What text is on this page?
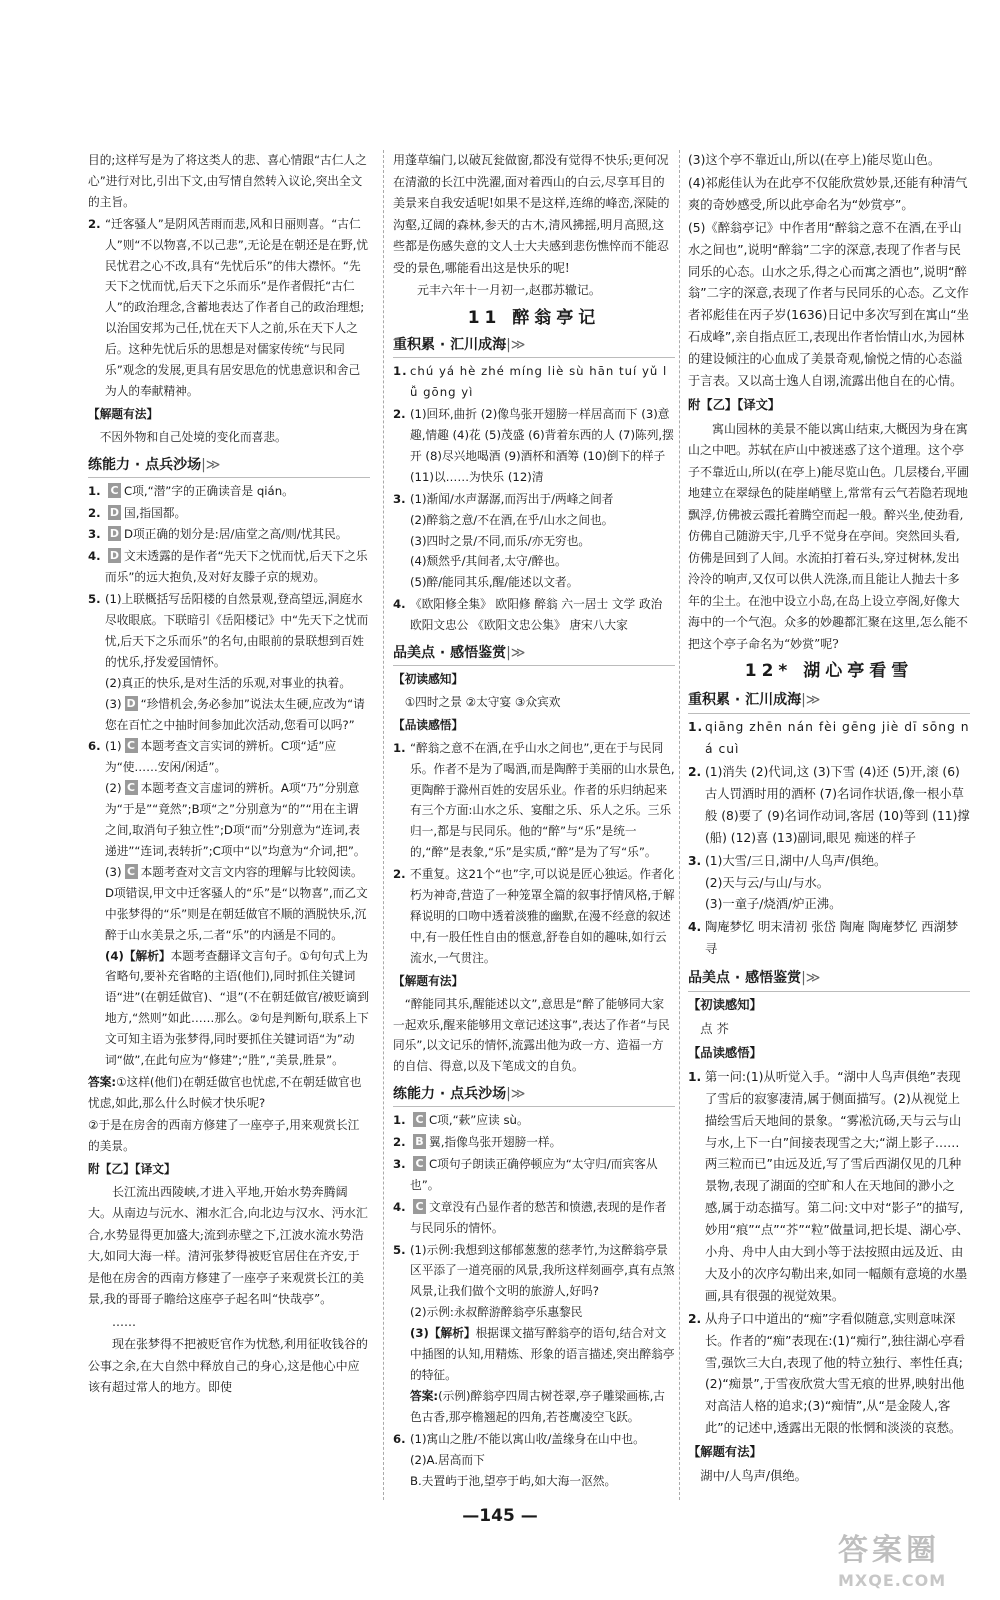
目的;这样写是为了将这类人的悲、喜心情跟“古仁人之心”进行对比,引出下文,由写情自然转入议论,突出全文的主旨。

2. “迁客骚人”是阴风苦雨而悲,风和日丽则喜。“古仁人”则“不以物喜,不以己悲”,无论是在朝还是在野,忧民忧君之心不改,具有“先忧后乐”的伟大襟怀。“先天下之忧而忧,后天下之乐而乐”是作者假托“古仁人”的政治理念,含蓄地表达了作者自己的政治理想;以治国安邦为己任,忧在天下人之前,乐在天下人之后。这种先忧后乐的思想是对儒家传统“与民同乐”观念的发展,更具有居安思危的忧患意识和舍己为人的奉献精神。

【解题有法】

不因外物和自己处境的变化而喜悲。

练能力 · 点兵沙场|≫

1. C C项,“潜”字的正确读音是 qián。

2. D 国,指国都。

3. D D项正确的划分是:居/庙堂之高/则/忧其民。

4. D 文末透露的是作者“先天下之忧而忧,后天下之乐而乐”的远大抱负,及对好友滕子京的规劝。

5. (1)上联概括写岳阳楼的自然景观,登高望远,洞庭水尽收眼底。下联暗引《岳阳楼记》中“先天下之忧而忧,后天下之乐而乐”的名句,由眼前的景联想到百姓的忧乐,抒发爱国情怀。
(2)真正的快乐,是对生活的乐观,对事业的执着。
(3) D “珍惜机会,务必参加”说法太生硬,应改为“请您在百忙之中抽时间参加此次活动,您看可以吗?”

6. (1) C 本题考查文言实词的辨析。C项“适”应为“使……安闲/闲适”。
(2) C 本题考查文言虚词的辨析。A项“乃”分别意为“于是”“竟然”;B项“之”分别意为“的”“用在主谓之间,取消句子独立性”;D项“而”分别意为“连词,表递进”“连词,表转折”;C项中“以”均意为“介词,把”。
(3) C 本题考查对文言文内容的理解与比较阅读。D项错误,甲文中迁客骚人的“乐”是“以物喜”,而乙文中张梦得的“乐”则是在朝廷做官不顺的酒脱快乐,沉醉于山水美景之乐,二者“乐”的内涵是不同的。
(4)【解析】本题考查翻译文言句子。①句句式上为省略句,要补充省略的主语(他们),同时抓住关键词语“进”(在朝廷做官)、“退”(不在朝廷做官/被贬谪到地方,“然则”如此……那么。②句是判断句,联系上下文可知主语为张梦得,同时要抓住关键词语“为”动词“做”,在此句应为“修建”;“胜”,“美景,胜景”。

答案:①这样(他们)在朝廷做官也忧虑,不在朝廷做官也忧虑,如此,那么什么时候才快乐呢?

②于是在房舍的西南方修建了一座亭子,用来观赏长江的美景。

附【乙】【译文】

长江流出西陵峡,才进入平地,开始水势奔腾阔大。从南边与沅水、湘水汇合,向北边与汉水、沔水汇合,水势显得更加盛大;流到赤壁之下,江波水流水势浩大,如同大海一样。清河张梦得被贬官居住在齐安,于是他在房舍的西南方修建了一座亭子来观赏长江的美景,我的哥哥子瞻给这座亭子起名叫“快哉亭”。

……

现在张梦得不把被贬官作为忧愁,利用征收钱谷的公事之余,在大自然中释放自己的身心,这是他心中应该有超过常人的地方。即使

用蓬草编门,以破瓦瓮做窗,都没有觉得不快乐;更何况在清澈的长江中洗濯,面对着西山的白云,尽享耳目的美景来自我安适呢!如果不是这样,连绵的峰峦,深陡的沟壑,辽阔的森林,参天的古木,清风拂摇,明月高照,这些都是伤感失意的文人士大夫感到悲伤憔悴而不能忍受的景色,哪能看出这是快乐的呢!

元丰六年十一月初一,赵郡苏辙记。

11 醉翁亭记
重积累 · 汇川成海|≫

1. chú yá hè zhé míng liè sù hān tuí yǔ lǚ gōng yì

2. (1)回环,曲折 (2)像鸟张开翅膀一样居高而下 (3)意趣,情趣 (4)花 (5)茂盛 (6)背着东西的人 (7)陈列,摆开 (8)尽兴地喝酒 (9)酒杯和酒筹 (10)倒下的样子 (11)以……为快乐 (12)清

3. (1)渐闻/水声潺潺,而泻出于/两峰之间者
(2)醉翁之意/不在酒,在乎/山水之间也。
(3)四时之景/不同,而乐/亦无穷也。
(4)颓然乎/其间者,太守/醉也。
(5)醉/能同其乐,醒/能述以文者。

4. 《欧阳修全集》 欧阳修 醉翁 六一居士 文学 政治 欧阳文忠公 《欧阳文忠公集》 唐宋八大家

品美点 · 感悟鉴赏|≫
【初读感知】

①四时之景 ②太守宴 ③众宾欢

【品读感悟】

1. “醉翁之意不在酒,在乎山水之间也”,更在于与民同乐。作者不是为了喝酒,而是陶醉于美丽的山水景色,更陶醉于滁州百姓的安居乐业。作者的乐归纳起来有三个方面:山水之乐、宴酣之乐、乐人之乐。三乐归一,都是与民同乐。他的“醉”与“乐”是统一的,“醉”是表象,“乐”是实质,“醉”是为了写“乐”。

2. 不重复。这21个“也”字,可以说是匠心独运。作者化朽为神奇,营造了一种笼罩全篇的叙事抒情风格,于解释说明的口吻中透着淡雅的幽默,在漫不经意的叙述中,有一股任性自由的惬意,舒卷自如的趣味,如行云流水,一气贯注。

【解题有法】

“醉能同其乐,醒能述以文”,意思是“醉了能够同大家一起欢乐,醒来能够用文章记述这事”,表达了作者“与民同乐”,以文记乐的情怀,流露出他为政一方、造福一方的自信、得意,以及下笔成文的自负。

练能力 · 点兵沙场|≫

1. C C项,“蔌”应读 sù。

2. B 翼,指像鸟张开翅膀一样。

3. C C项句子朗读正确停顿应为“太守归/而宾客从也”。

4. C 文章没有凸显作者的愁苦和愤懑,表现的是作者与民同乐的情怀。

5. (1)示例:我想到这郁郁葱葱的慈孝竹,为这醉翁亭景区平添了一道亮丽的风景,我所这样刻画亭,真有点煞风景,让我们做个文明的旅游人,好吗?
(2)示例:永叔醉游醉翁亭乐惠黎民
(3)【解析】根据课文描写醉翁亭的语句,结合对文中插图的认知,用精炼、形象的语言描述,突出醉翁亭的特征。
答案:(示例)醉翁亭四周古树苍翠,亭子雕梁画栋,古色古香,那亭檐翘起的四角,若苍鹰凌空飞跃。

6. (1)寓山之胜/不能以寓山收/盖缘身在山中也。
(2)A.居高而下
B.夫置屿于池,望亭于屿,如大海一沤然。

(3)这个亭不靠近山,所以(在亭上)能尽览山色。

(4)祁彪佳认为在此亭不仅能欣赏妙景,还能有种清气爽的奇妙感受,所以此亭命名为“妙赏亭”。

(5)《醉翁亭记》中作者用“醉翁之意不在酒,在乎山水之间也”,说明“醉翁”二字的深意,表现了作者与民同乐的心态。山水之乐,得之心而寓之酒也”,说明“醉翁”二字的深意,表现了作者与民同乐的心态。乙文作者祁彪佳在丙子岁(1636)日记中多次写到在寓山“坐石成峰”,亲自指点匠工,表现出作者怡情山水,为园林的建设倾注的心血成了美景奇观,愉悦之情的心态溢于言表。又以高士逸人自诩,流露出他自在的心情。

附【乙】【译文】

寓山园林的美景不能以寓山结束,大概因为身在寓山之中吧。苏轼在庐山中被迷惑了这个道理。这个亭子不靠近山,所以(在亭上)能尽览山色。几层楼台,平圃地建立在翠绿色的陡崖峭壁上,常常有云气若隐若现地飘浮,仿佛被云霞托着腾空而起一般。醉兴坐,使劲看,仿佛自己随游天宇,几乎不觉身在亭间。突然回头看,仿佛是回到了人间。水流拍打着石头,穿过树林,发出泠泠的响声,又仅可以供人洗涤,而且能让人抛去十多年的尘土。在池中设立小岛,在岛上设立亭阁,好像大海中的一个气泡。众多的妙趣都汇聚在这里,怎么能不把这个亭子命名为“妙赏”呢?

12* 湖心亭看雪
重积累 · 汇川成海|≫

1. qiāng zhēn nán fèi gēng jiè dī sōng ná cuì

2. (1)消失 (2)代词,这 (3)下雪 (4)还 (5)开,滚 (6)古人罚酒时用的酒杯 (7)名词作状语,像一根小草般 (8)要了 (9)名词作动词,客居 (10)等到 (11)撑(船) (12)喜 (13)副词,眼见 痴迷的样子

3. (1)大雪/三日,湖中/人鸟声/俱绝。
(2)天与云/与山/与水。
(3)一童子/烧酒/炉正沸。

4. 陶庵梦忆 明末清初 张岱 陶庵 陶庵梦忆 西湖梦寻

品美点 · 感悟鉴赏|≫
【初读感知】

点 芥

【品读感悟】

1. 第一问:(1)从听觉入手。“湖中人鸟声俱绝”表现了雪后的寂寥凄清,属于侧面描写。(2)从视觉上描绘雪后天地间的景象。“雾凇沆砀,天与云与山与水,上下一白”间接表现雪之大;“湖上影子……两三粒而已”由远及近,写了雪后西湖仅见的几种景物,表现了湖面的空旷和人在天地间的渺小之感,属于动态描写。第二问:文中对“影子”的描写,妙用“痕”“点”“芥”“粒”做量词,把长堤、湖心亭、小舟、舟中人由大到小等于法按照由远及近、由大及小的次序勾勒出来,如同一幅颇有意境的水墨画,具有很强的视觉效果。

2. 从舟子口中道出的“痴”字看似随意,实则意味深长。作者的“痴”表现在:(1)“痴行”,独往湖心亭看雪,强饮三大白,表现了他的特立独行、率性任真;(2)“痴景”,于雪夜欣赏大雪无痕的世界,映射出他对高洁人格的追求;(3)“痴情”,从“是金陵人,客此”的记述中,透露出无限的怅惘和淡淡的哀愁。

【解题有法】

湖中/人鸟声/俱绝。

—145 —
答案圈
MXQE.COM
